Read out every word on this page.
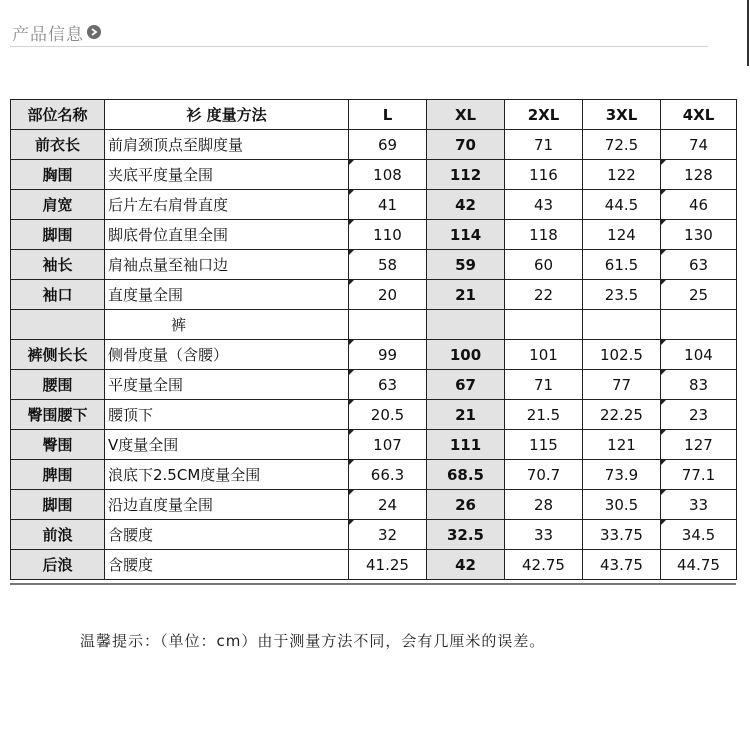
产品信息
部位名称	衫 度量方法	L	XL	2XL	3XL	4XL
前衣长	前肩颈顶点至脚度量	69	70	71	72.5	74
胸围	夹底平度量全围	108	112	116	122	128
肩宽	后片左右肩骨直度	41	42	43	44.5	46
脚围	脚底骨位直里全围	110	114	118	124	130
袖长	肩袖点量至袖口边	58	59	60	61.5	63
袖口	直度量全围	20	21	22	23.5	25
	裤					
裤侧长长	侧骨度量（含腰）	99	100	101	102.5	104
腰围	平度量全围	63	67	71	77	83
臀围腰下	腰顶下	20.5	21	21.5	22.25	23
臀围	V度量全围	107	111	115	121	127
脾围	浪底下2.5CM度量全围	66.3	68.5	70.7	73.9	77.1
脚围	沿边直度量全围	24	26	28	30.5	33
前浪	含腰度	32	32.5	33	33.75	34.5
后浪	含腰度	41.25	42	42.75	43.75	44.75
温馨提示：（单位：cm）由于测量方法不同，会有几厘米的误差。
